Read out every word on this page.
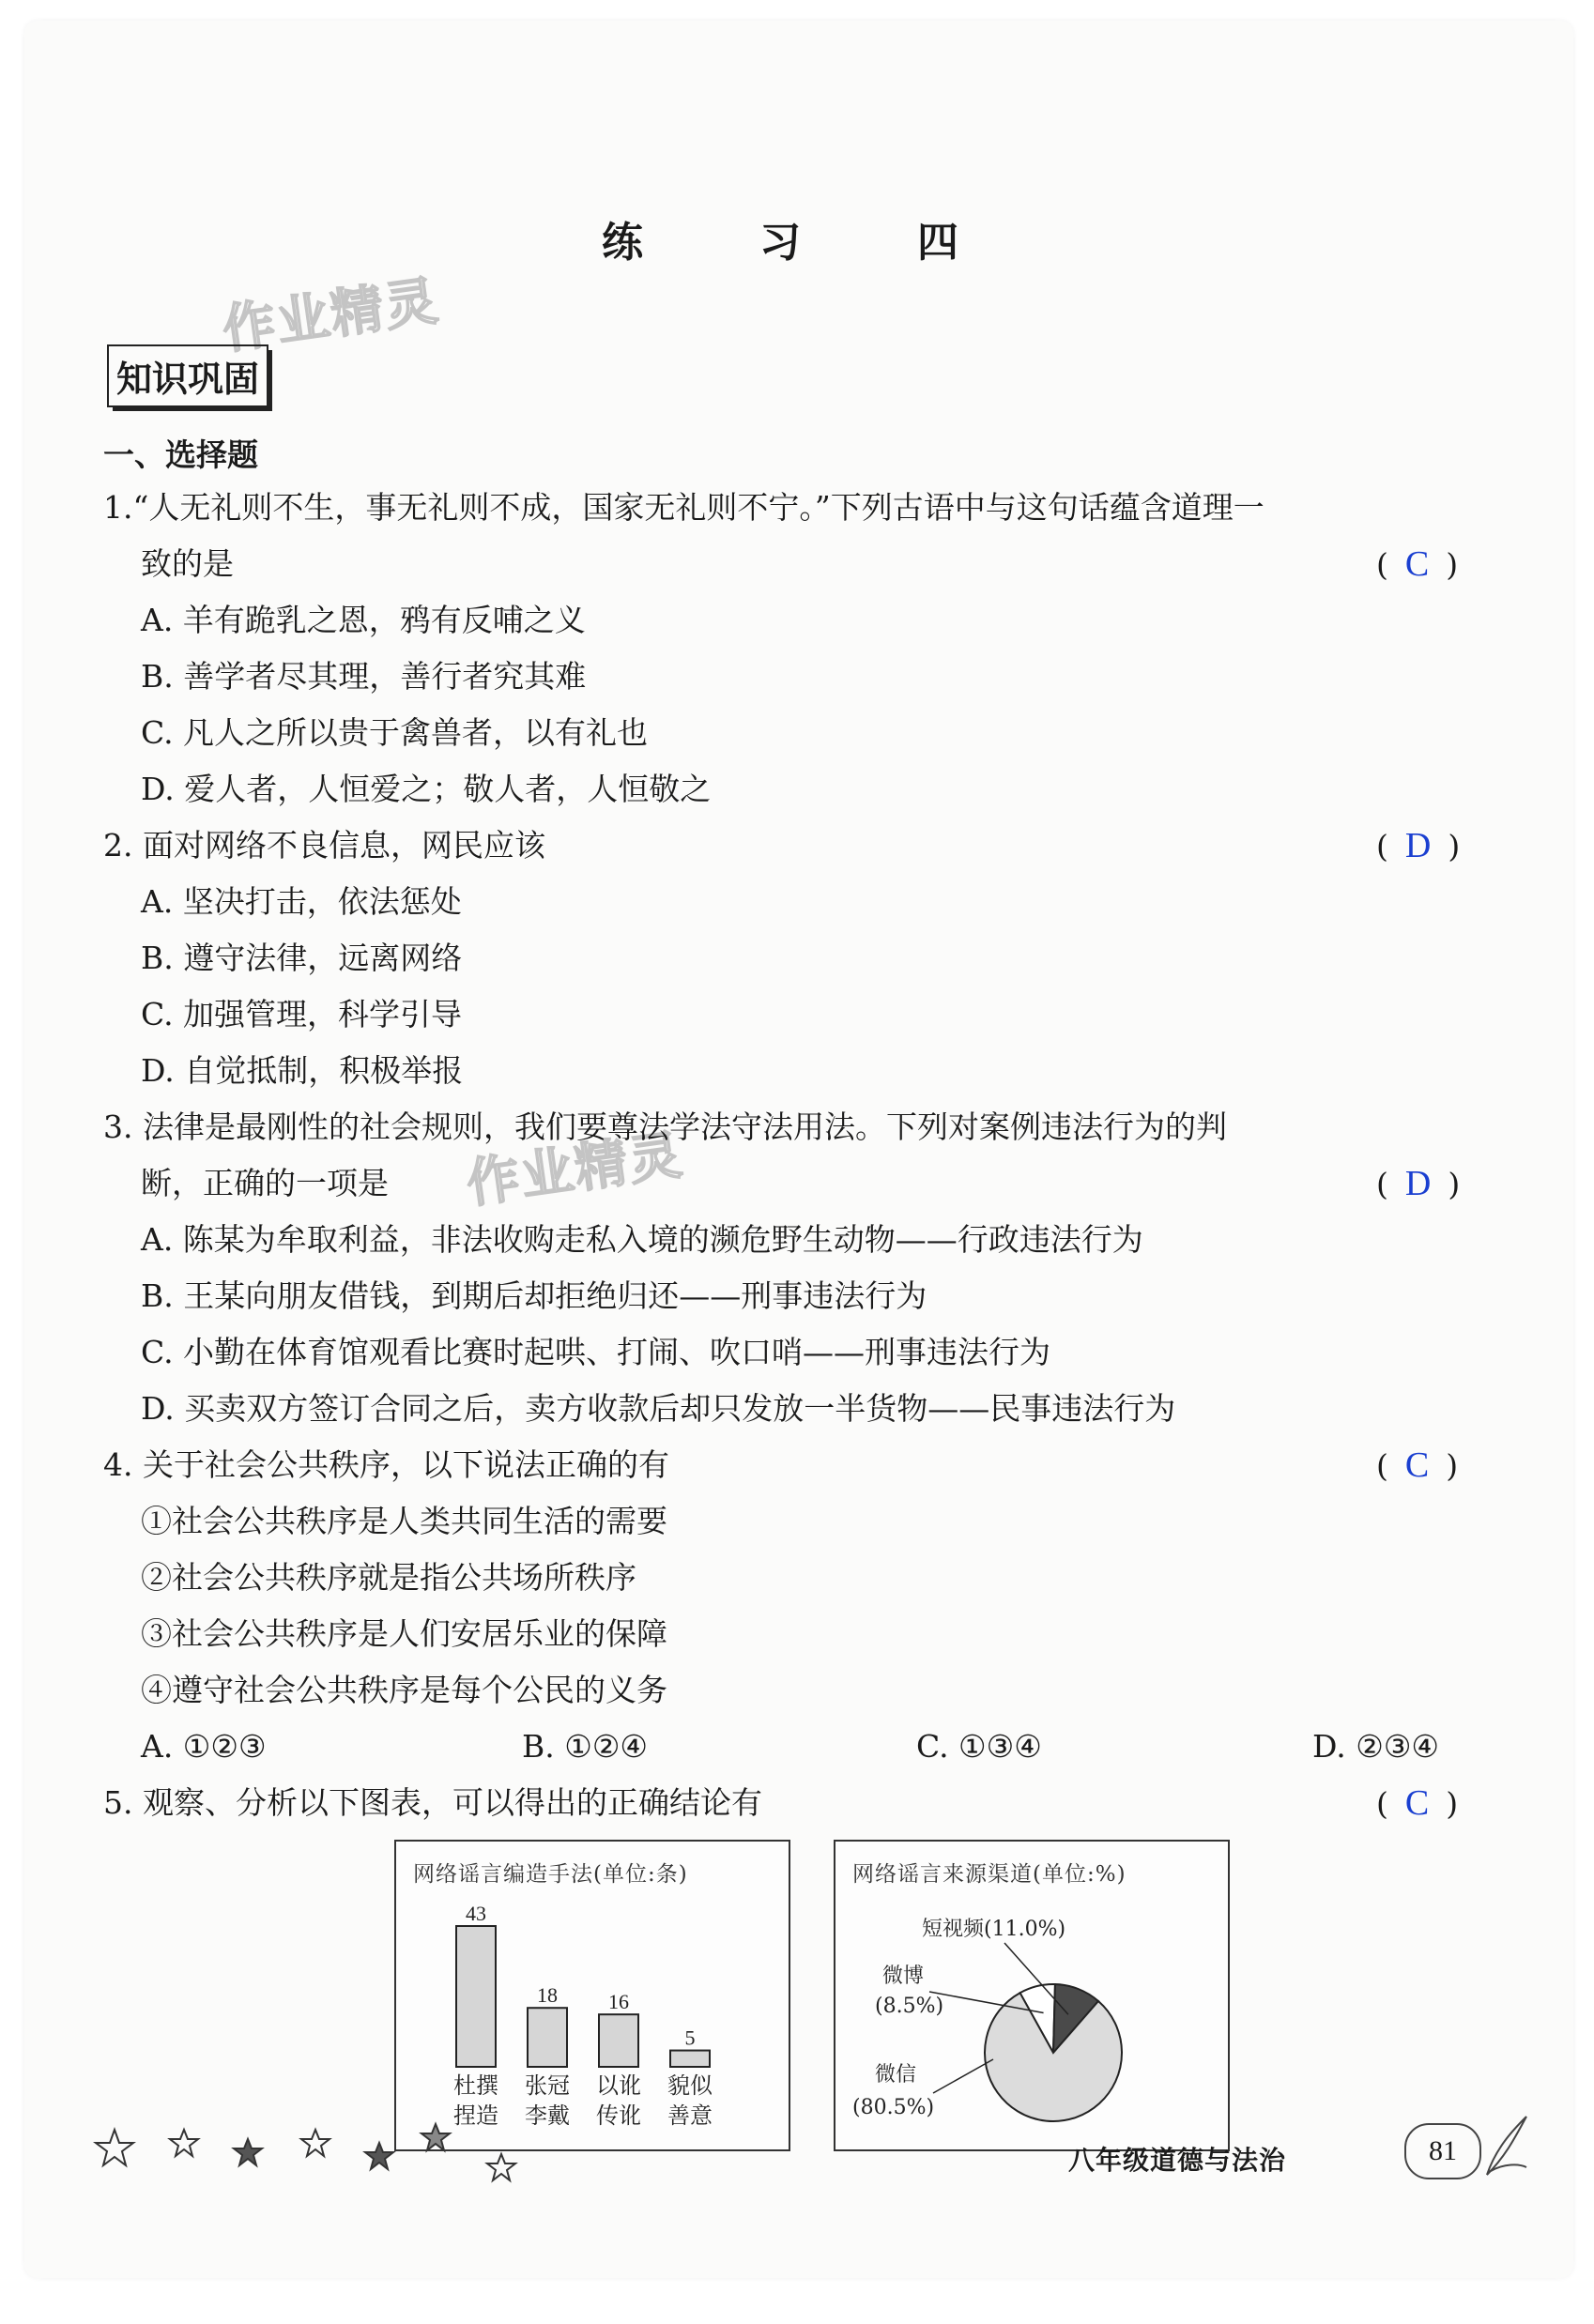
练　习　四
作业精灵
作业精灵
知识巩固
一、选择题
1.“人无礼则不生，事无礼则不成，国家无礼则不宁。”下列古语中与这句话蕴含道理一
致的是	( C )
A. 羊有跪乳之恩，鸦有反哺之义
B. 善学者尽其理，善行者究其难
C. 凡人之所以贵于禽兽者，以有礼也
D. 爱人者，人恒爱之；敬人者，人恒敬之
2. 面对网络不良信息，网民应该	( D )
A. 坚决打击，依法惩处
B. 遵守法律，远离网络
C. 加强管理，科学引导
D. 自觉抵制，积极举报
3. 法律是最刚性的社会规则，我们要尊法学法守法用法。下列对案例违法行为的判
断，正确的一项是	( D )
A. 陈某为牟取利益，非法收购走私入境的濒危野生动物——行政违法行为
B. 王某向朋友借钱，到期后却拒绝归还——刑事违法行为
C. 小勤在体育馆观看比赛时起哄、打闹、吹口哨——刑事违法行为
D. 买卖双方签订合同之后，卖方收款后却只发放一半货物——民事违法行为
4. 关于社会公共秩序，以下说法正确的有	( C )
①社会公共秩序是人类共同生活的需要
②社会公共秩序就是指公共场所秩序
③社会公共秩序是人们安居乐业的保障
④遵守社会公共秩序是每个公民的义务
A. ①②③	B. ①②④	C. ①③④	D. ②③④
5. 观察、分析以下图表，可以得出的正确结论有	( C )
网络谣言编造手法(单位:条)
43
杜撰
捏造
18
张冠
李戴
16
以讹
传讹
5
貌似
善意
网络谣言来源渠道(单位:%)
短视频(11.0%)
微博
(8.5%)
微信
(80.5%)
八年级道德与法治	81
